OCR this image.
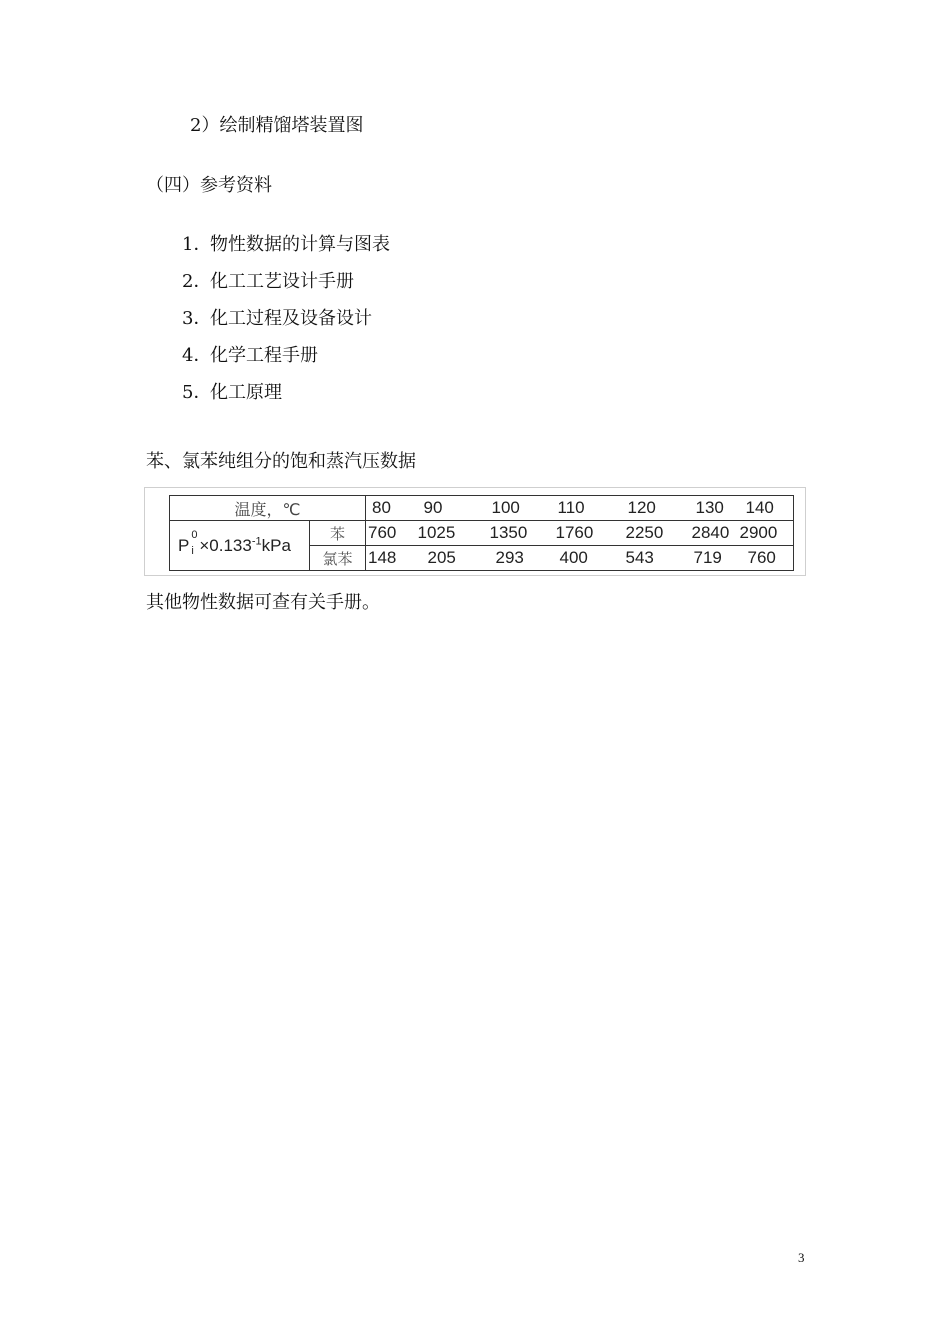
2）绘制精馏塔装置图
（四）参考资料
1．物性数据的计算与图表
2．化工工艺设计手册
3．化工过程及设备设计
4．化学工程手册
5．化工原理
苯、氯苯纯组分的饱和蒸汽压数据
温度，℃		80	90	100	110	120	130	140
P
0
$i \times 0.133^{-1}kPa$	苯	760	1025	1350	1760	2250	2840	2900
	氯苯	148	205	293	400	543	719	760
其他物性数据可查有关手册。
3
